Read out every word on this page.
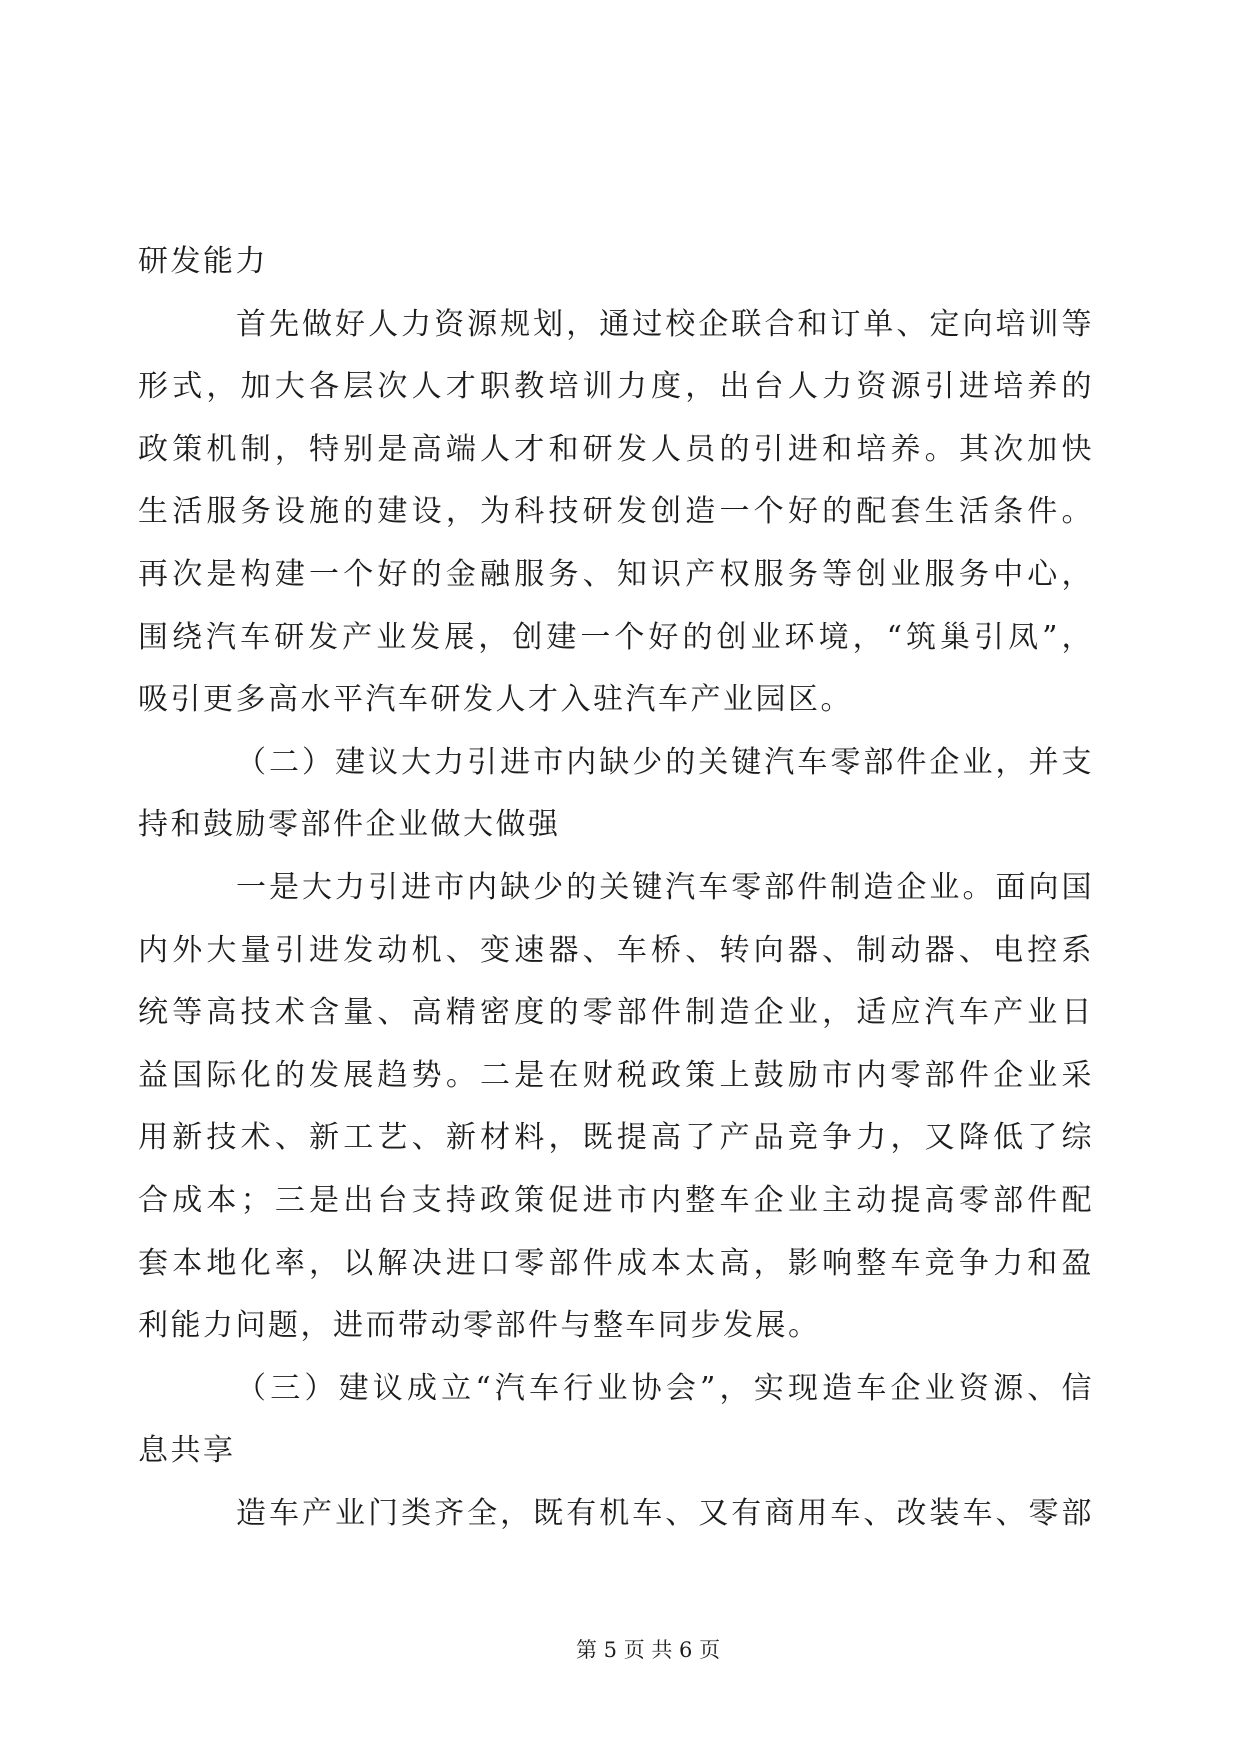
研发能力
首先做好人力资源规划，通过校企联合和订单、定向培训等
形式，加大各层次人才职教培训力度，出台人力资源引进培养的
政策机制，特别是高端人才和研发人员的引进和培养。其次加快
生活服务设施的建设，为科技研发创造一个好的配套生活条件。
再次是构建一个好的金融服务、知识产权服务等创业服务中心，
围绕汽车研发产业发展，创建一个好的创业环境，“筑巢引凤”，
吸引更多高水平汽车研发人才入驻汽车产业园区。
（二）建议大力引进市内缺少的关键汽车零部件企业，并支
持和鼓励零部件企业做大做强
一是大力引进市内缺少的关键汽车零部件制造企业。面向国
内外大量引进发动机、变速器、车桥、转向器、制动器、电控系
统等高技术含量、高精密度的零部件制造企业，适应汽车产业日
益国际化的发展趋势。二是在财税政策上鼓励市内零部件企业采
用新技术、新工艺、新材料，既提高了产品竞争力，又降低了综
合成本；三是出台支持政策促进市内整车企业主动提高零部件配
套本地化率，以解决进口零部件成本太高，影响整车竞争力和盈
利能力问题，进而带动零部件与整车同步发展。
（三）建议成立“汽车行业协会”，实现造车企业资源、信
息共享
造车产业门类齐全，既有机车、又有商用车、改装车、零部
第 5 页 共 6 页
